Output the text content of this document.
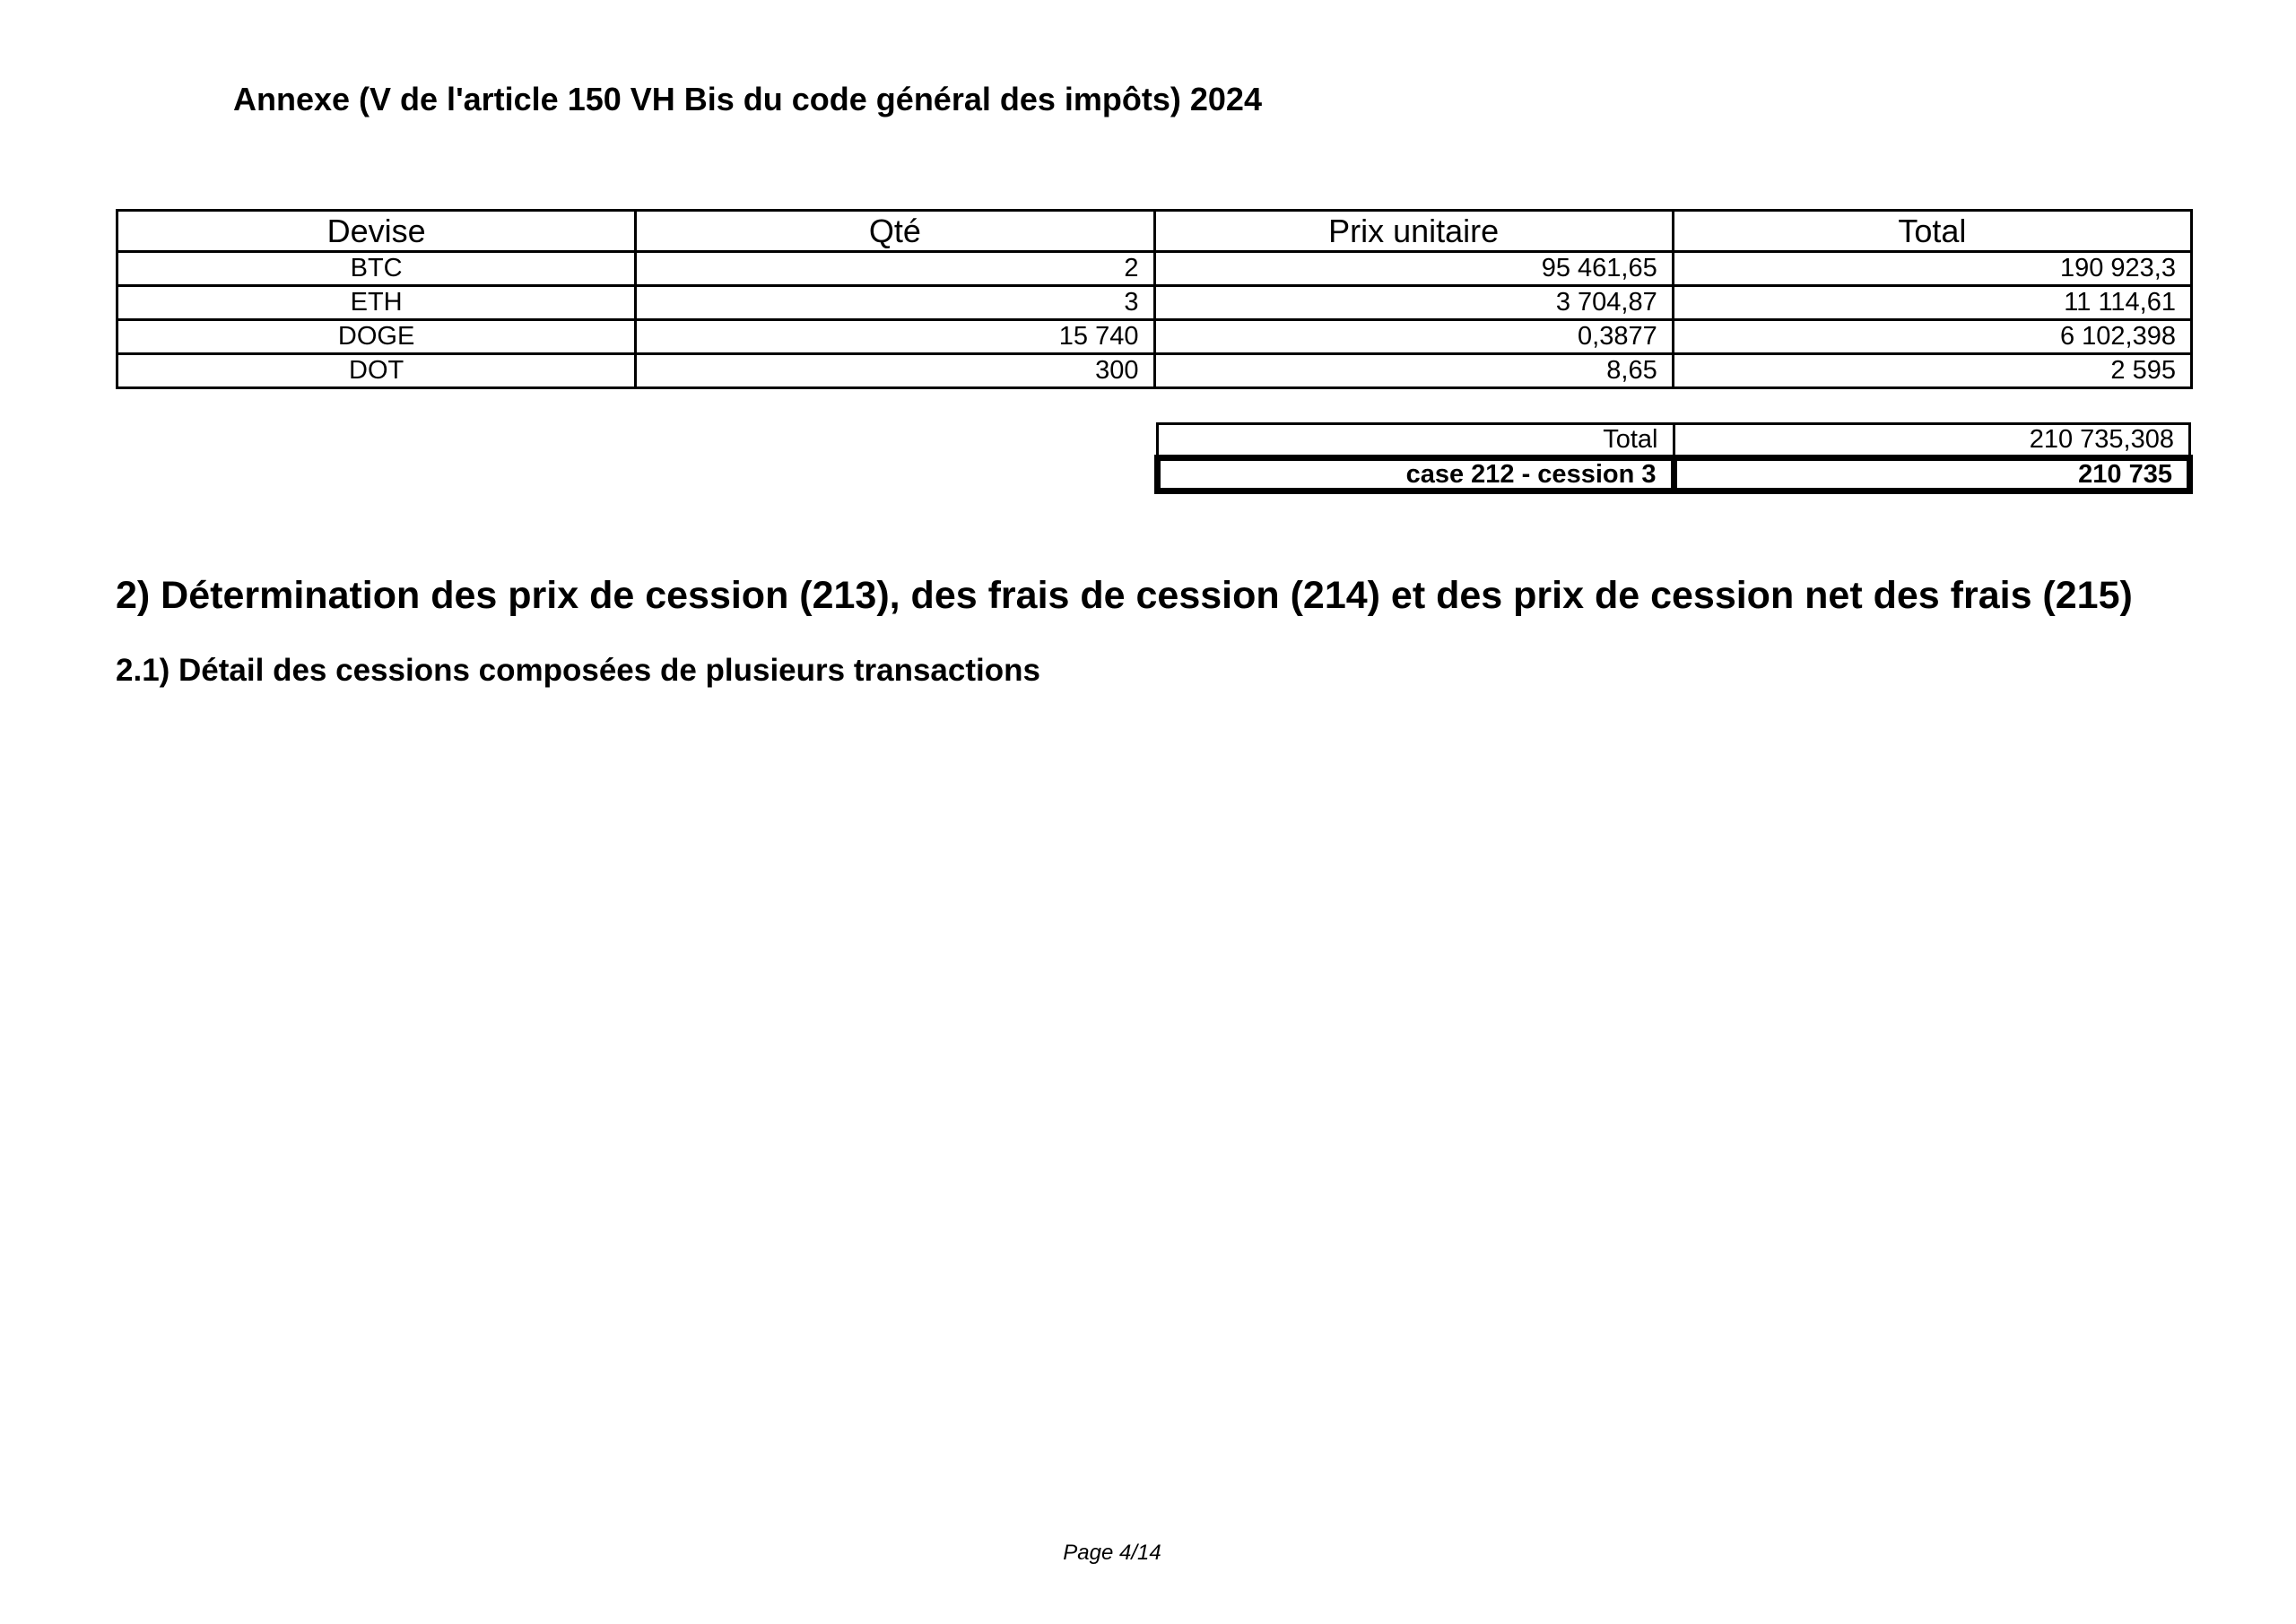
Annexe (V de l'article 150 VH Bis du code général des impôts) 2024
Devise	Qté	Prix unitaire	Total
BTC	2	95 461,65	190 923,3
ETH	3	3 704,87	11 114,61
DOGE	15 740	0,3877	6 102,398
DOT	300	8,65	2 595
Total	210 735,308
case 212 - cession 3	210 735
2) Détermination des prix de cession (213), des frais de cession (214) et des prix de cession net des frais (215)
2.1) Détail des cessions composées de plusieurs transactions
Page 4/14
